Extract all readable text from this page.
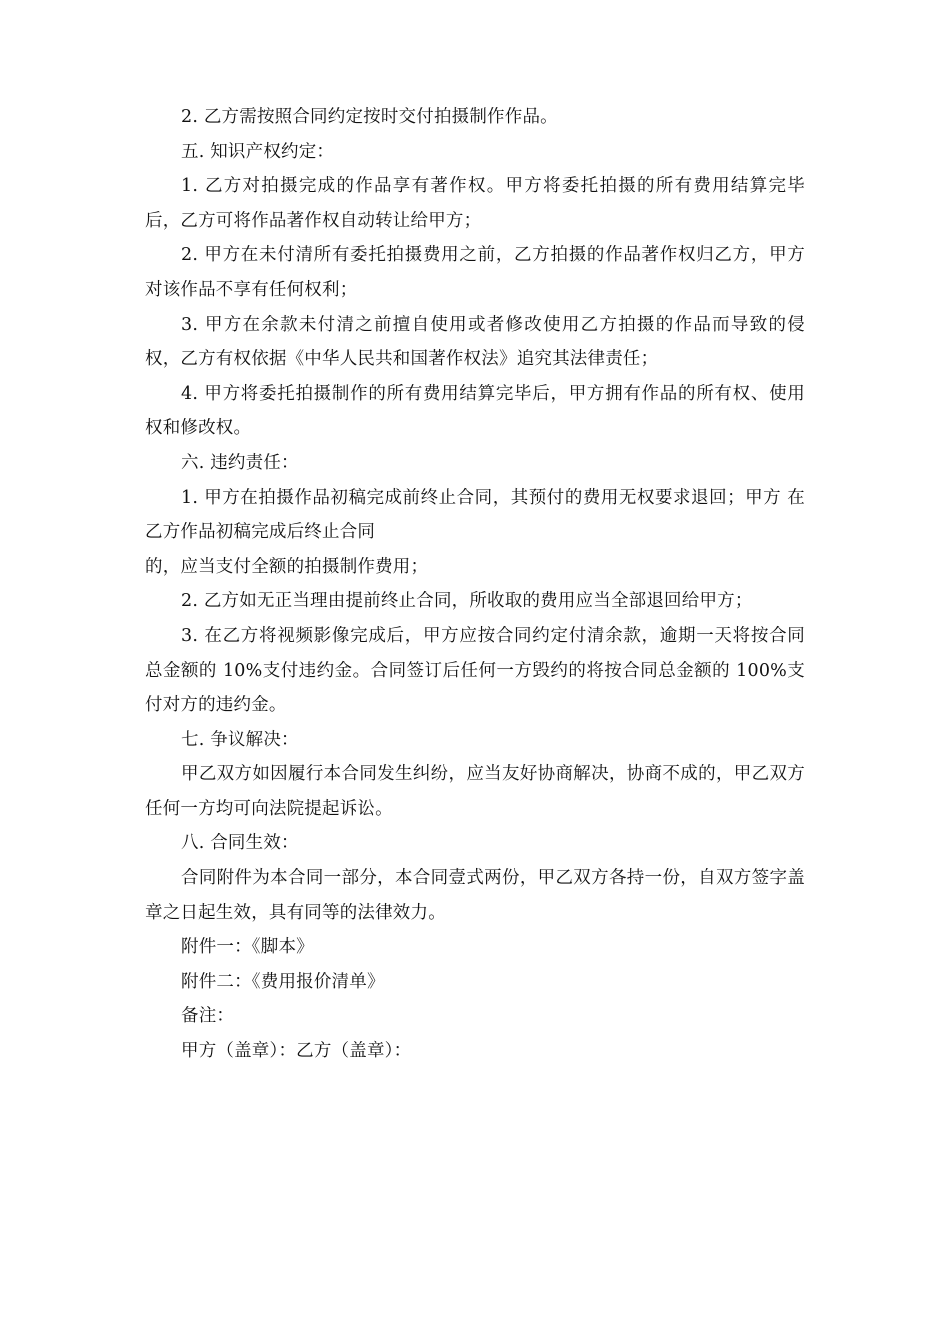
2. 乙方需按照合同约定按时交付拍摄制作作品。

五. 知识产权约定：

1. 乙方对拍摄完成的作品享有著作权。甲方将委托拍摄的所有费用结算完毕后，乙方可将作品著作权自动转让给甲方；

2. 甲方在未付清所有委托拍摄费用之前，乙方拍摄的作品著作权归乙方，甲方对该作品不享有任何权利；

3. 甲方在余款未付清之前擅自使用或者修改使用乙方拍摄的作品而导致的侵权，乙方有权依据《中华人民共和国著作权法》追究其法律责任；

4. 甲方将委托拍摄制作的所有费用结算完毕后，甲方拥有作品的所有权、使用权和修改权。

六. 违约责任：

1. 甲方在拍摄作品初稿完成前终止合同，其预付的费用无权要求退回；甲方 在乙方作品初稿完成后终止合同

的，应当支付全额的拍摄制作费用；

2. 乙方如无正当理由提前终止合同，所收取的费用应当全部退回给甲方；

3. 在乙方将视频影像完成后，甲方应按合同约定付清余款，逾期一天将按合同总金额的 10%支付违约金。合同签订后任何一方毁约的将按合同总金额的 100%支付对方的违约金。

七. 争议解决：

甲乙双方如因履行本合同发生纠纷，应当友好协商解决，协商不成的，甲乙双方任何一方均可向法院提起诉讼。

八. 合同生效：

合同附件为本合同一部分，本合同壹式两份，甲乙双方各持一份，自双方签字盖章之日起生效，具有同等的法律效力。

附件一：《脚本》

附件二：《费用报价清单》

备注：

甲方（盖章）：乙方（盖章）：
